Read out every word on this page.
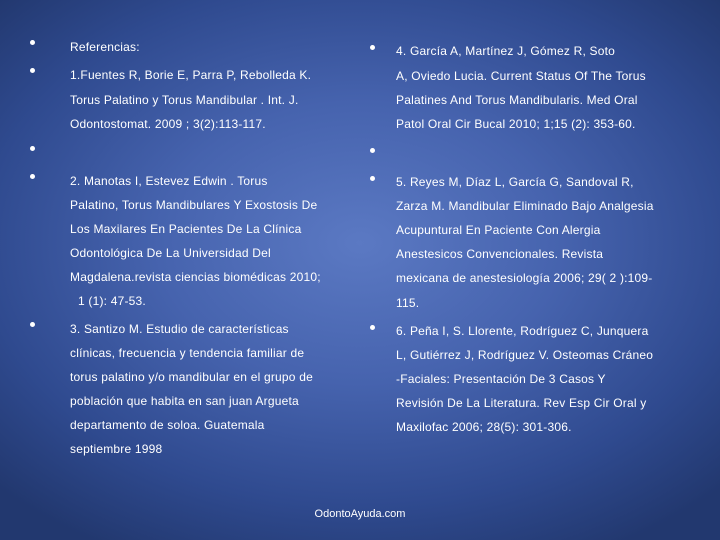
Referencias:
1.Fuentes R, Borie E, Parra P, Rebolleda K.
Torus Palatino y Torus Mandibular . Int. J.
Odontostomat. 2009 ; 3(2):113-117.
2. Manotas I, Estevez Edwin . Torus
Palatino, Torus Mandibulares Y Exostosis De
Los Maxilares En Pacientes De La Clínica
Odontológica De La Universidad Del
Magdalena.revista ciencias biomédicas 2010;
1 (1): 47-53.
3. Santizo M. Estudio de características
clínicas, frecuencia y tendencia familiar de
torus palatino y/o mandibular en el grupo de
población que habita en san juan Argueta
departamento de soloa. Guatemala
septiembre 1998
4. García A, Martínez J, Gómez R, Soto
A, Oviedo Lucia. Current Status Of The Torus
Palatines And Torus Mandibularis. Med Oral
Patol Oral Cir Bucal 2010; 1;15 (2): 353-60.
5. Reyes M, Díaz L, García G, Sandoval R,
Zarza M. Mandibular Eliminado Bajo Analgesia
Acupuntural En Paciente Con Alergia
Anestesicos Convencionales. Revista
mexicana de anestesiología 2006; 29( 2 ):109-
115.
6. Peña I, S. Llorente, Rodríguez C, Junquera
L, Gutiérrez J, Rodríguez V. Osteomas Cráneo
-Faciales: Presentación De 3 Casos Y
Revisión De La Literatura. Rev Esp Cir Oral y
Maxilofac 2006; 28(5): 301-306.
OdontoAyuda.com
